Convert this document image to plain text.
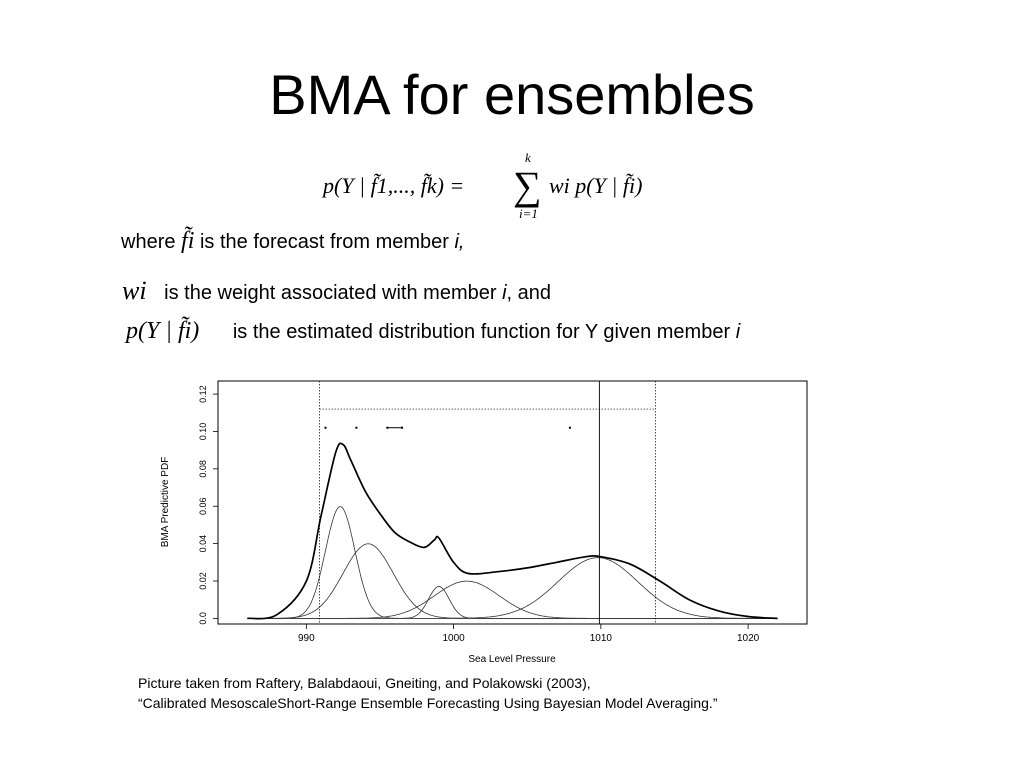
BMA for ensembles
p(Y | f̃1,..., f̃k) = ∑
k
i=1
wi p(Y | f̃i)
where f̃i is the forecast from member i,
wi is the weight associated with member i, and
p(Y | f̃i) is the estimated distribution function for Y given member i
990	1000	1010	1020
0.0
0.02
0.04
0.06
0.08
0.10
0.12
Sea Level Pressure
BMA Predictive PDF
Picture taken from Raftery, Balabdaoui, Gneiting, and Polakowski (2003),
“Calibrated MesoscaleShort-Range Ensemble Forecasting Using Bayesian Model Averaging.”
